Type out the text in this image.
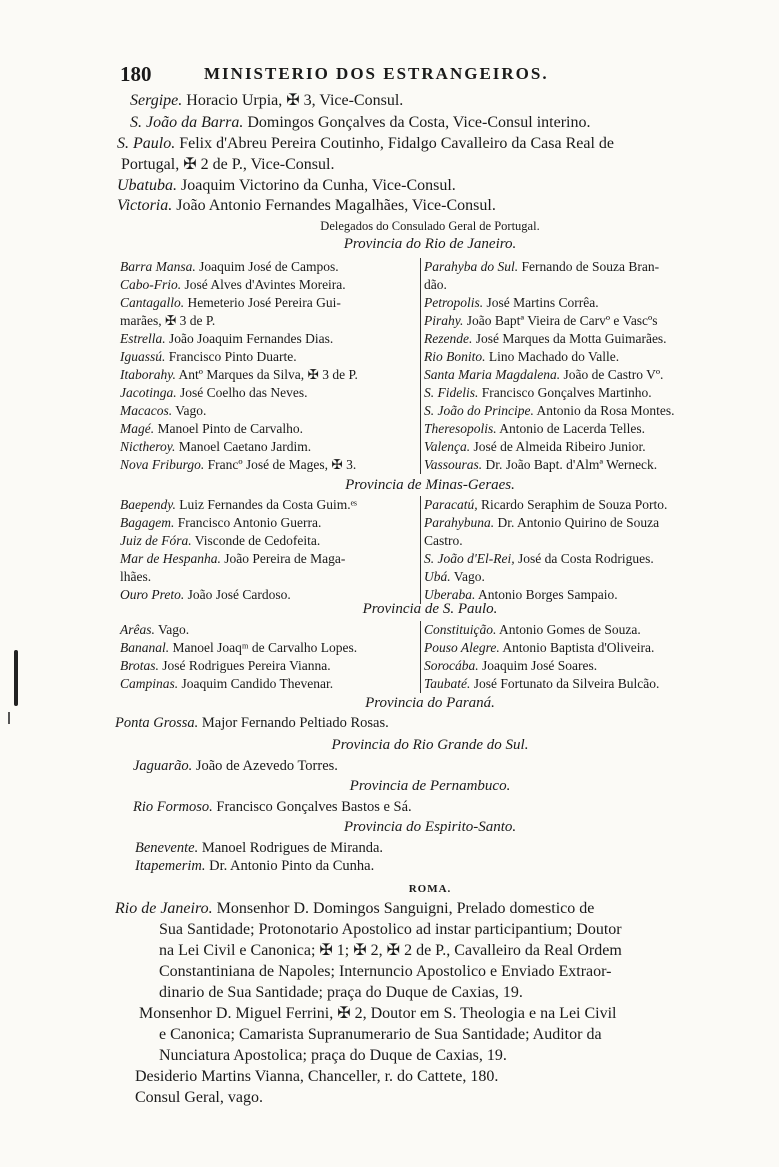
180	MINISTERIO DOS ESTRANGEIROS.
Sergipe. Horacio Urpia, ✠ 3, Vice-Consul.
S. João da Barra. Domingos Gonçalves da Costa, Vice-Consul interino.
S. Paulo. Felix d'Abreu Pereira Coutinho, Fidalgo Cavalleiro da Casa Real de
Portugal, ✠ 2 de P., Vice-Consul.
Ubatuba. Joaquim Victorino da Cunha, Vice-Consul.
Victoria. João Antonio Fernandes Magalhães, Vice-Consul.
Delegados do Consulado Geral de Portugal.
Provincia do Rio de Janeiro.
Barra Mansa. Joaquim José de Campos.
Cabo-Frio. José Alves d'Avintes Moreira.
Cantagallo. Hemeterio José Pereira Gui-
marães, ✠ 3 de P.
Estrella. João Joaquim Fernandes Dias.
Iguassú. Francisco Pinto Duarte.
Itaborahy. Antº Marques da Silva, ✠ 3 de P.
Jacotinga. José Coelho das Neves.
Macacos. Vago.
Magé. Manoel Pinto de Carvalho.
Nictheroy. Manoel Caetano Jardim.
Nova Friburgo. Francº José de Mages, ✠ 3.
Parahyba do Sul. Fernando de Souza Bran-
dão.
Petropolis. José Martins Corrêa.
Pirahy. João Baptª Vieira de Carvº e Vascºs
Rezende. José Marques da Motta Guimarães.
Rio Bonito. Lino Machado do Valle.
Santa Maria Magdalena. João de Castro Vº.
S. Fidelis. Francisco Gonçalves Martinho.
S. João do Principe. Antonio da Rosa Montes.
Theresopolis. Antonio de Lacerda Telles.
Valença. José de Almeida Ribeiro Junior.
Vassouras. Dr. João Bapt. d'Almª Werneck.
Provincia de Minas-Geraes.
Baependy. Luiz Fernandes da Costa Guim.ᵉˢ
Bagagem. Francisco Antonio Guerra.
Juiz de Fóra. Visconde de Cedofeita.
Mar de Hespanha. João Pereira de Maga-
lhães.
Ouro Preto. João José Cardoso.
Paracatú, Ricardo Seraphim de Souza Porto.
Parahybuna. Dr. Antonio Quirino de Souza
Castro.
S. João d'El-Rei, José da Costa Rodrigues.
Ubá. Vago.
Uberaba. Antonio Borges Sampaio.
Provincia de S. Paulo.
Arêas. Vago.
Bananal. Manoel Joaqᵐ de Carvalho Lopes.
Brotas. José Rodrigues Pereira Vianna.
Campinas. Joaquim Candido Thevenar.
Constituição. Antonio Gomes de Souza.
Pouso Alegre. Antonio Baptista d'Oliveira.
Sorocába. Joaquim José Soares.
Taubaté. José Fortunato da Silveira Bulcão.
Provincia do Paraná.
Ponta Grossa. Major Fernando Peltiado Rosas.
Provincia do Rio Grande do Sul.
Jaguarão. João de Azevedo Torres.
Provincia de Pernambuco.
Rio Formoso. Francisco Gonçalves Bastos e Sá.
Provincia do Espirito-Santo.
Benevente. Manoel Rodrigues de Miranda.
Itapemerim. Dr. Antonio Pinto da Cunha.
ROMA.
Rio de Janeiro. Monsenhor D. Domingos Sanguigni, Prelado domestico de
Sua Santidade; Protonotario Apostolico ad instar participantium; Doutor
na Lei Civil e Canonica; ✠ 1; ✠ 2, ✠ 2 de P., Cavalleiro da Real Ordem
Constantiniana de Napoles; Internuncio Apostolico e Enviado Extraor-
dinario de Sua Santidade; praça do Duque de Caxias, 19.
Monsenhor D. Miguel Ferrini, ✠ 2, Doutor em S. Theologia e na Lei Civil
e Canonica; Camarista Supranumerario de Sua Santidade; Auditor da
Nunciatura Apostolica; praça do Duque de Caxias, 19.
Desiderio Martins Vianna, Chanceller, r. do Cattete, 180.
Consul Geral, vago.
